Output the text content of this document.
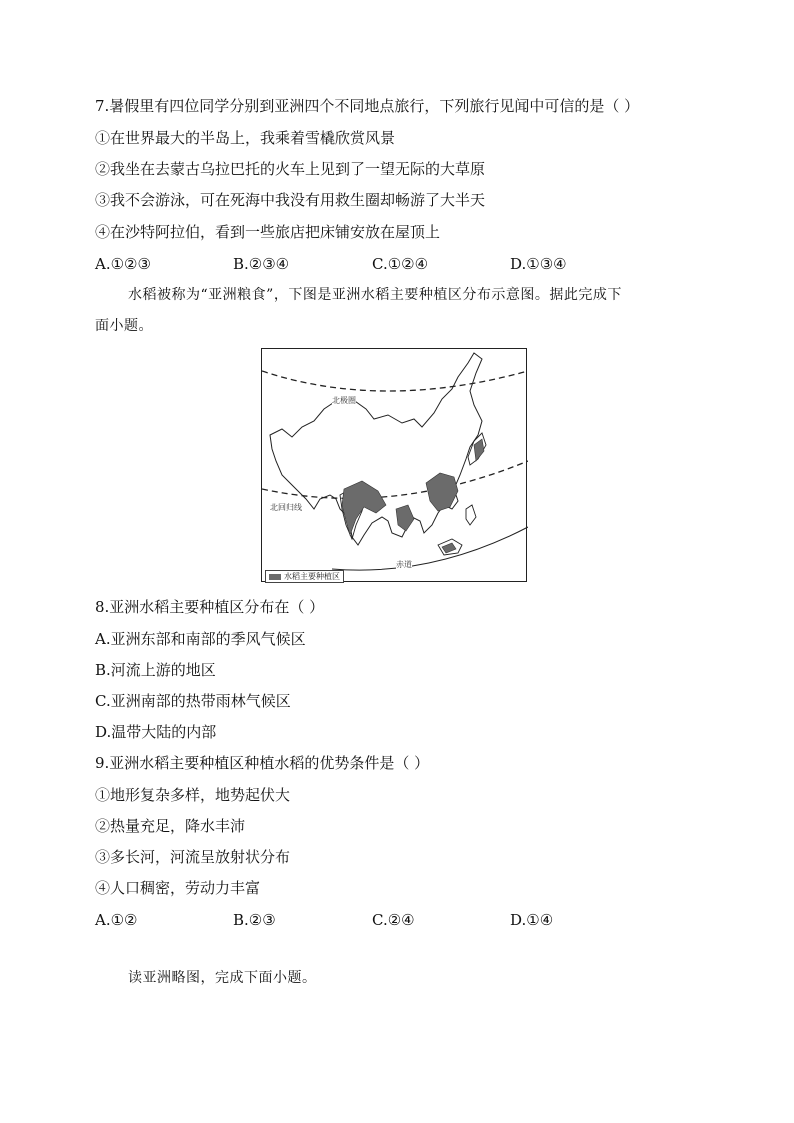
7.暑假里有四位同学分别到亚洲四个不同地点旅行，下列旅行见闻中可信的是（ ）
①在世界最大的半岛上，我乘着雪橇欣赏风景
②我坐在去蒙古乌拉巴托的火车上见到了一望无际的大草原
③我不会游泳，可在死海中我没有用救生圈却畅游了大半天
④在沙特阿拉伯，看到一些旅店把床铺安放在屋顶上
A.①②③	B.②③④	C.①②④	D.①③④
水稻被称为“亚洲粮食”，下图是亚洲水稻主要种植区分布示意图。据此完成下
面小题。
北极圈
北回归线
赤道
水稻主要种植区
8.亚洲水稻主要种植区分布在（ ）
A.亚洲东部和南部的季风气候区
B.河流上游的地区
C.亚洲南部的热带雨林气候区
D.温带大陆的内部
9.亚洲水稻主要种植区种植水稻的优势条件是（ ）
①地形复杂多样，地势起伏大
②热量充足，降水丰沛
③多长河，河流呈放射状分布
④人口稠密，劳动力丰富
A.①②	B.②③	C.②④	D.①④
读亚洲略图，完成下面小题。
